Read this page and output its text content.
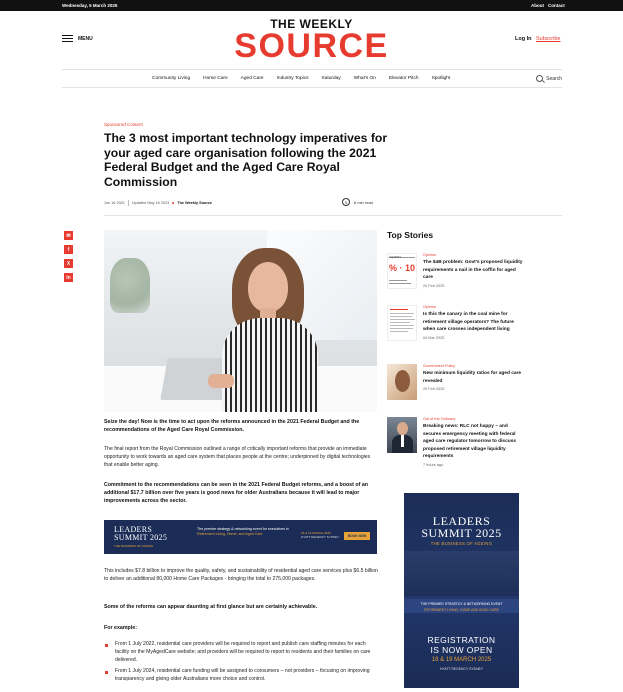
Wednesday, 5 March 2025	About Contact
MENU
THE WEEKLY
SOURCE	Log In Subscribe
Community Living	Home Care	Aged Care	Industry Topics	Saturday	What's On	Elevator Pitch	Spotlight	Search
Sponsored Content
The 3 most important technology imperatives for your aged care organisation following the 2021 Federal Budget and the Aged Care Royal Commission
Jun 16 2021 Updated May 16 2023 The Weekly Source	5	6 min read
✉
f
X
in

Seize the day! Now is the time to act upon the reforms announced in the 2021 Federal Budget and the recommendations of the Aged Care Royal Commission.

The final report from the Royal Commission outlined a range of critically important reforms that provide an immediate opportunity to work towards an aged care system that places people at the centre; underpinned by digital technologies that enable better aging.

Commitment to the recommendations can be seen in the 2021 Federal Budget reforms, and a boost of an additional $17.7 billion over five years is good news for older Australians because it will lead to major improvements across the sector.

LEADERS
SUMMIT 2025
THE BUSINESS OF AGEING
The premier strategy & networking event for executives in
Retirement Living, Home, and Aged Care	18 & 19 MARCH 2025
HYATT REGENCY SYDNEY	BOOK NOW

This includes $7.8 billion to improve the quality, safety, and sustainability of residential aged care services plus $6.5 billion to deliver an additional 80,000 Home Care Packages - bringing the total to 275,000 packages.

Some of the reforms can appear daunting at first glance but are certainly achievable.

For example:

From 1 July 2022, residential care providers will be required to report and publish care staffing minutes for each facility on the MyAgedCare website; and providers will be required to report to residents and their families on care delivered.
From 1 July 2024, residential care funding will be assigned to consumers – not providers – focusing on improving transparency and giving older Australians more choice and control.
Top Stories
% · 10
LIQUIDITY
Opinion
The $4B problem: Govt's proposed liquidity requirements a nail in the coffin for aged care
20 Feb 2025
Opinion
Is this the canary in the coal mine for retirement village operators? The future when care crosses independent living
04 Mar 2025
Government Policy
New minimum liquidity ratios for aged care revealed
20 Feb 2025
Out of the Ordinary
Breaking news: RLC not happy – and secures emergency meeting with federal aged care regulator tomorrow to discuss proposed retirement village liquidity requirements
7 hours ago
LEADERS
SUMMIT 2025
THE BUSINESS OF AGEING
THE PREMIER STRATEGY & NETWORKING EVENT
RETIREMENT LIVING, HOME AND AGED CARE
REGISTRATION
IS NOW OPEN
18 & 19 MARCH 2025
HYATT REGENCY SYDNEY
